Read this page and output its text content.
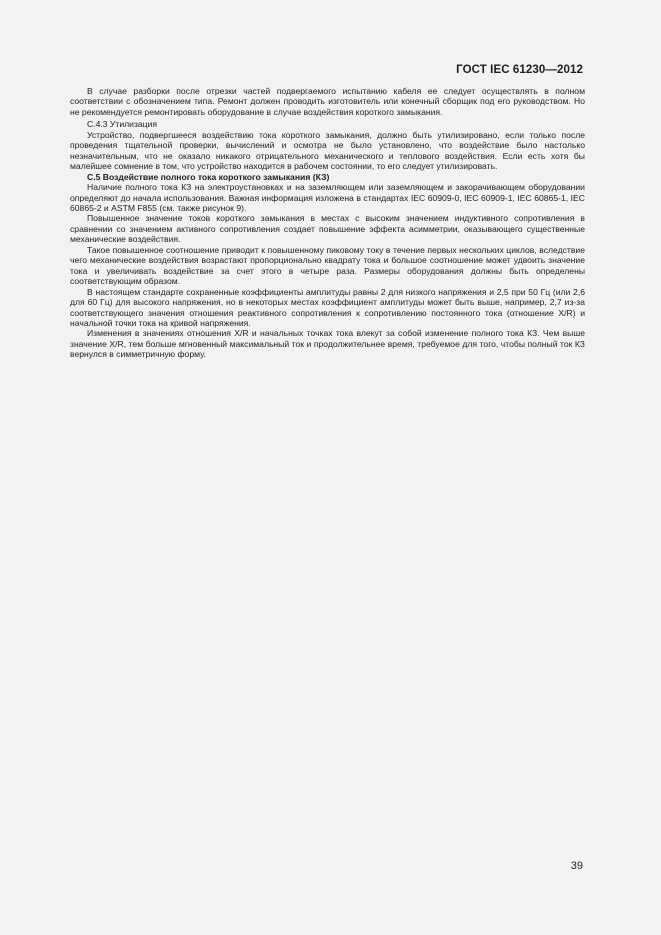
ГОСТ IEC 61230—2012

В случае разборки после отрезки частей подвергаемого испытанию кабеля ее следует осуществлять в полном соответствии с обозначением типа. Ремонт должен проводить изготовитель или конечный сборщик под его руководством. Но не рекомендуется ремонтировать оборудование в случае воздействия короткого замыкания.

С.4.3 Утилизация

Устройство, подвергшееся воздействию тока короткого замыкания, должно быть утилизировано, если только после проведения тщательной проверки, вычислений и осмотра не было установлено, что воздействие было настолько незначительным, что не оказало никакого отрицательного механического и теплового воздействия. Если есть хотя бы малейшее сомнение в том, что устройство находится в рабочем состоянии, то его следует утилизировать.

С.5 Воздействие полного тока короткого замыкания (КЗ)

Наличие полного тока КЗ на электроустановках и на заземляющем или заземляющем и закорачивающем оборудовании определяют до начала использования. Важная информация изложена в стандартах IEC 60909-0, IEC 60909-1, IEC 60865-1, IEC 60865-2 и ASTM F855 (см. также рисунок 9).

Повышенное значение токов короткого замыкания в местах с высоким значением индуктивного сопротивления в сравнении со значением активного сопротивления создает повышение эффекта асимметрии, оказывающего существенные механические воздействия.

Такое повышенное соотношение приводит к повышенному пиковому току в течение первых нескольких циклов, вследствие чего механические воздействия возрастают пропорционально квадрату тока и большое соотношение может удвоить значение тока и увеличивать воздействие за счет этого в четыре раза. Размеры оборудования должны быть определены соответствующим образом.

В настоящем стандарте сохраненные коэффициенты амплитуды равны 2 для низкого напряжения и 2,5 при 50 Гц (или 2,6 для 60 Гц) для высокого напряжения, но в некоторых местах коэффициент амплитуды может быть выше, например, 2,7 из-за соответствующего значения отношения реактивного сопротивления к сопротивлению постоянного тока (отношение X/R) и начальной точки тока на кривой напряжения.

Изменения в значениях отношения X/R и начальных точках тока влекут за собой изменение полного тока КЗ. Чем выше значение X/R, тем больше мгновенный максимальный ток и продолжительнее время, требуемое для того, чтобы полный ток КЗ вернулся в симметричную форму.

39
